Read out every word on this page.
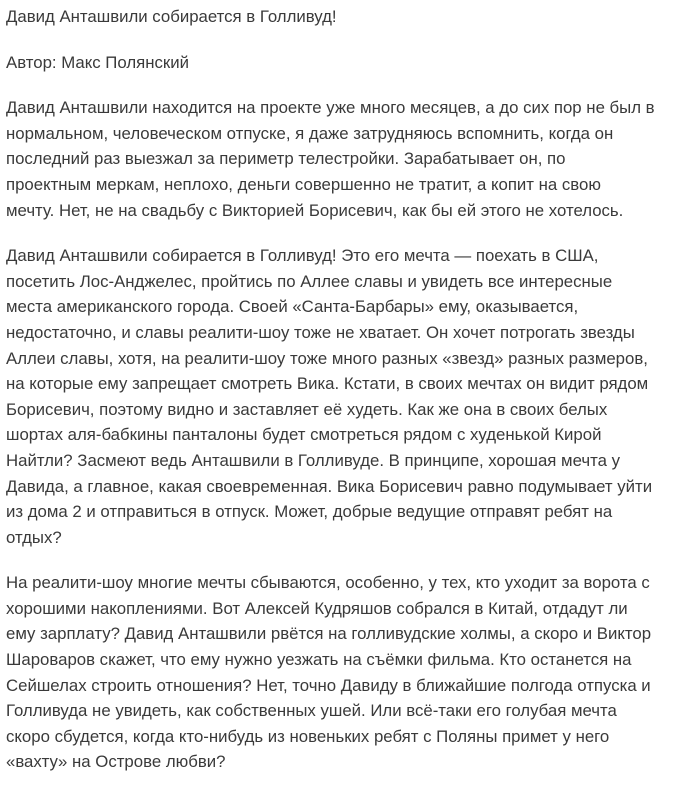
Давид Анташвили собирается в Голливуд!
Автор: Макс Полянский
Давид Анташвили находится на проекте уже много месяцев, а до сих пор не был в
нормальном, человеческом отпуске, я даже затрудняюсь вспомнить, когда он
последний раз выезжал за периметр телестройки. Зарабатывает он, по
проектным меркам, неплохо, деньги совершенно не тратит, а копит на свою
мечту. Нет, не на свадьбу с Викторией Борисевич, как бы ей этого не хотелось.
Давид Анташвили собирается в Голливуд! Это его мечта — поехать в США,
посетить Лос-Анджелес, пройтись по Аллее славы и увидеть все интересные
места американского города. Своей «Санта-Барбары» ему, оказывается,
недостаточно, и славы реалити-шоу тоже не хватает. Он хочет потрогать звезды
Аллеи славы, хотя, на реалити-шоу тоже много разных «звезд» разных размеров,
на которые ему запрещает смотреть Вика. Кстати, в своих мечтах он видит рядом
Борисевич, поэтому видно и заставляет её худеть. Как же она в своих белых
шортах аля-бабкины панталоны будет смотреться рядом с худенькой Кирой
Найтли? Засмеют ведь Анташвили в Голливуде. В принципе, хорошая мечта у
Давида, а главное, какая своевременная. Вика Борисевич равно подумывает уйти
из дома 2 и отправиться в отпуск. Может, добрые ведущие отправят ребят на
отдых?
На реалити-шоу многие мечты сбываются, особенно, у тех, кто уходит за ворота с
хорошими накоплениями. Вот Алексей Кудряшов собрался в Китай, отдадут ли
ему зарплату? Давид Анташвили рвётся на голливудские холмы, а скоро и Виктор
Шароваров скажет, что ему нужно уезжать на съёмки фильма. Кто останется на
Сейшелах строить отношения? Нет, точно Давиду в ближайшие полгода отпуска и
Голливуда не увидеть, как собственных ушей. Или всё-таки его голубая мечта
скоро сбудется, когда кто-нибудь из новеньких ребят с Поляны примет у него
«вахту» на Острове любви?
